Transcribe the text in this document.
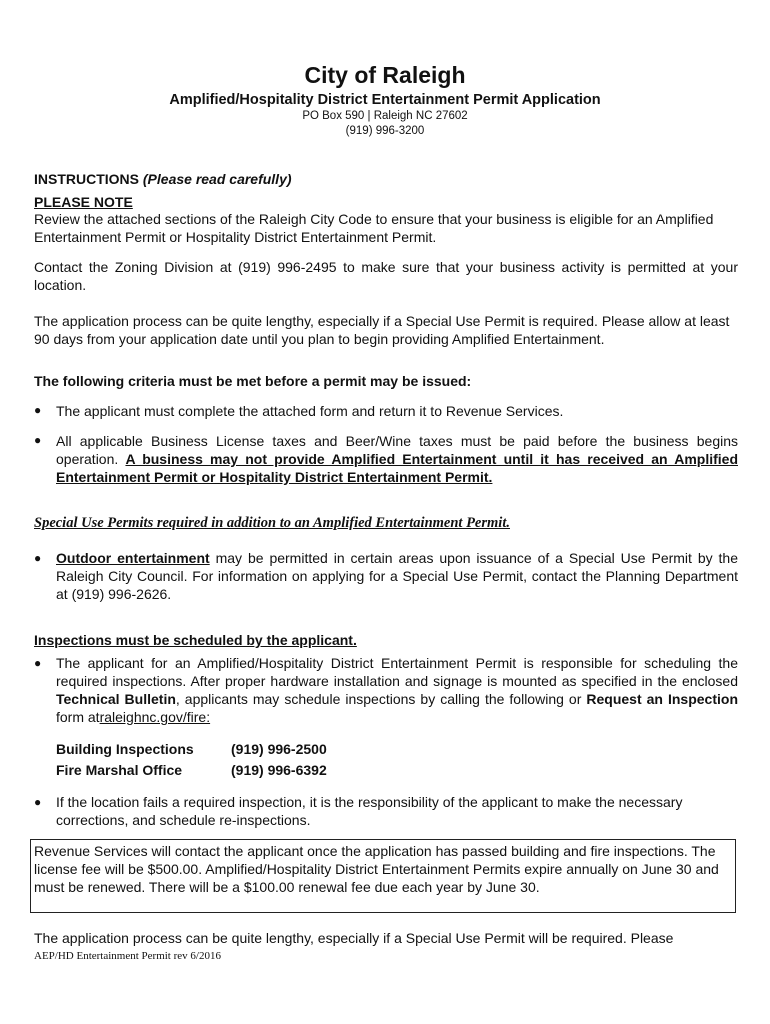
City of Raleigh
Amplified/Hospitality District Entertainment Permit Application
PO Box 590 | Raleigh NC 27602
(919) 996-3200
INSTRUCTIONS (Please read carefully)
PLEASE NOTE
Review the attached sections of the Raleigh City Code to ensure that your business is eligible for an Amplified Entertainment Permit or Hospitality District Entertainment Permit.
Contact the Zoning Division at (919) 996-2495 to make sure that your business activity is permitted at your location.
The application process can be quite lengthy, especially if a Special Use Permit is required. Please allow at least 90 days from your application date until you plan to begin providing Amplified Entertainment.
The following criteria must be met before a permit may be issued:
● The applicant must complete the attached form and return it to Revenue Services.
● All applicable Business License taxes and Beer/Wine taxes must be paid before the business begins operation. A business may not provide Amplified Entertainment until it has received an Amplified Entertainment Permit or Hospitality District Entertainment Permit.
Special Use Permits required in addition to an Amplified Entertainment Permit.
● Outdoor entertainment may be permitted in certain areas upon issuance of a Special Use Permit by the Raleigh City Council. For information on applying for a Special Use Permit, contact the Planning Department at (919) 996-2626.
Inspections must be scheduled by the applicant.
● The applicant for an Amplified/Hospitality District Entertainment Permit is responsible for scheduling the required inspections. After proper hardware installation and signage is mounted as specified in the enclosed Technical Bulletin, applicants may schedule inspections by calling the following or Request an Inspection form atraleighnc.gov/fire:
Building Inspections	(919) 996-2500
Fire Marshal Office	(919) 996-6392
● If the location fails a required inspection, it is the responsibility of the applicant to make the necessary corrections, and schedule re-inspections.
Revenue Services will contact the applicant once the application has passed building and fire inspections. The license fee will be $500.00. Amplified/Hospitality District Entertainment Permits expire annually on June 30 and must be renewed. There will be a $100.00 renewal fee due each year by June 30.
The application process can be quite lengthy, especially if a Special Use Permit will be required. Please
AEP/HD Entertainment Permit rev 6/2016
